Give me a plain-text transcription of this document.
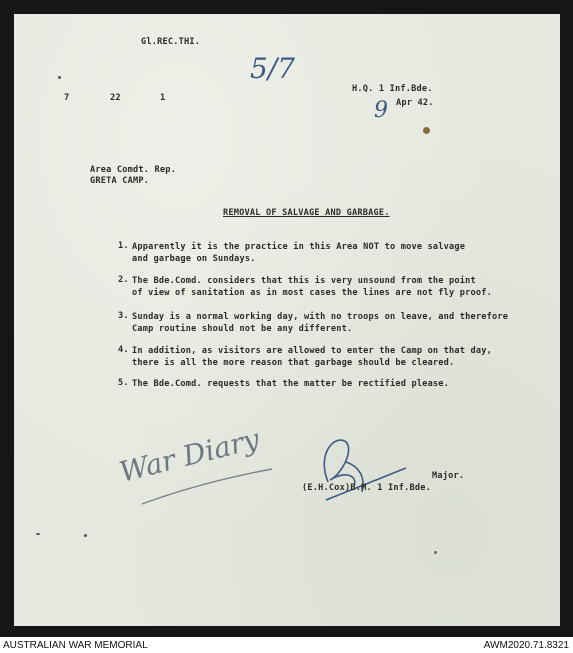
Gl.REC.THI.
5/7
7	22	1
H.Q. 1 Inf.Bde.
9 Apr 42.
Area Comdt. Rep.
GRETA CAMP.
REMOVAL OF SALVAGE AND GARBAGE.
1. Apparently it is the practice in this Area NOT to move salvage
and garbage on Sundays.
2. The Bde.Comd. considers that this is very unsound from the point
of view of sanitation as in most cases the lines are not fly proof.
3. Sunday is a normal working day, with no troops on leave, and therefore
Camp routine should not be any different.
4. In addition, as visitors are allowed to enter the Camp on that day,
there is all the more reason that garbage should be cleared.
5. The Bde.Comd. requests that the matter be rectified please.
War Diary	Major.
(E.H.Cox)B.M. 1 Inf.Bde.
AUSTRALIAN WAR MEMORIAL	AWM2020.71.8321
